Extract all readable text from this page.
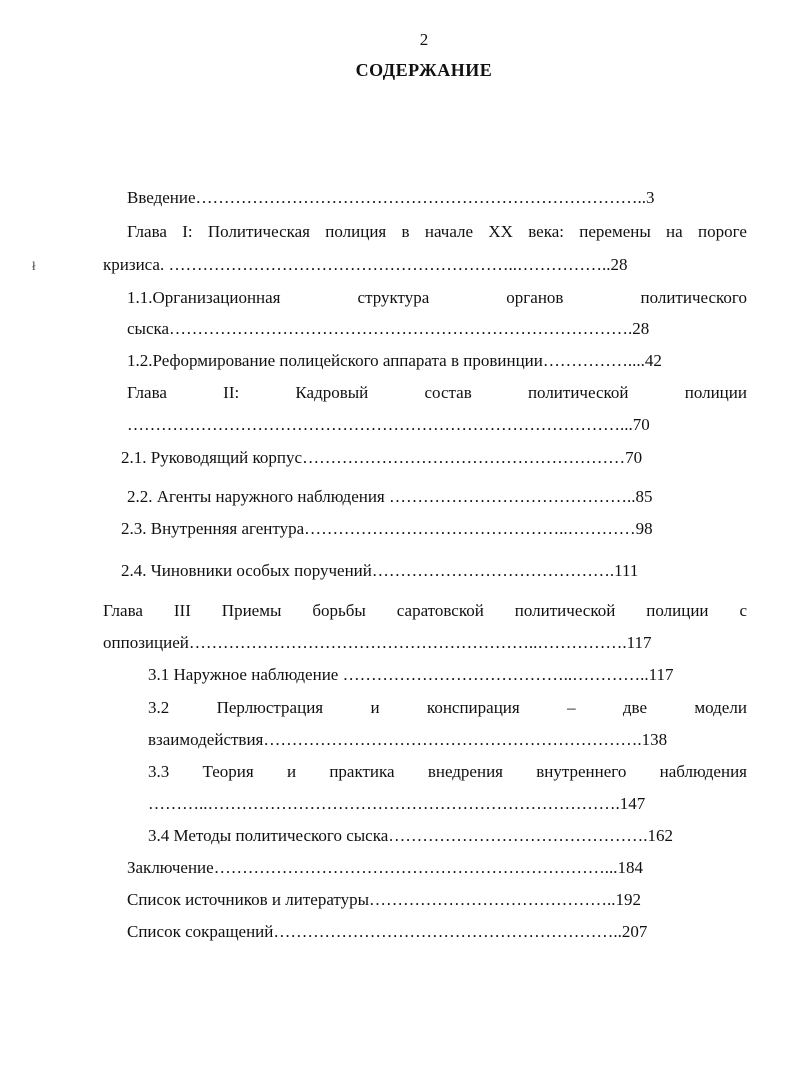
2
СОДЕРЖАНИЕ
ł
Введение……………………………………………………………………..3
Глава I: Политическая полиция в начале XX века: перемены на пороге
кризиса. ……………………………………………………..……………..28
1.1.Организационная	структура	органов	политического
сыска……………………………………………………………………….28
1.2.Реформирование полицейского аппарата в провинции……………....42
Глава	II:	Кадровый	состав	политической	полиции
……………………………………………………………………………...70
2.1. Руководящий корпус…………………………………………………70
2.2. Агенты наружного наблюдения ……………………………………..85
2.3. Внутренняя агентура………………………………………..…………98
2.4. Чиновники особых поручений…………………………………….111
Глава III Приемы борьбы саратовской политической полиции с
оппозицией……………………………………………………..…………….117
3.1 Наружное наблюдение …………………………………..…………..117
3.2	Перлюстрация	и	конспирация	–	две	модели
взаимодействия………………………………………………………….138
3.3 Теория и практика внедрения внутреннего наблюдения
………..……………………………………………………………….147
3.4 Методы политического сыска……………………………………….162
Заключение……………………………………………………………...184
Список источников и литературы……………………………………..192
Список сокращений……………………………………………………..207
